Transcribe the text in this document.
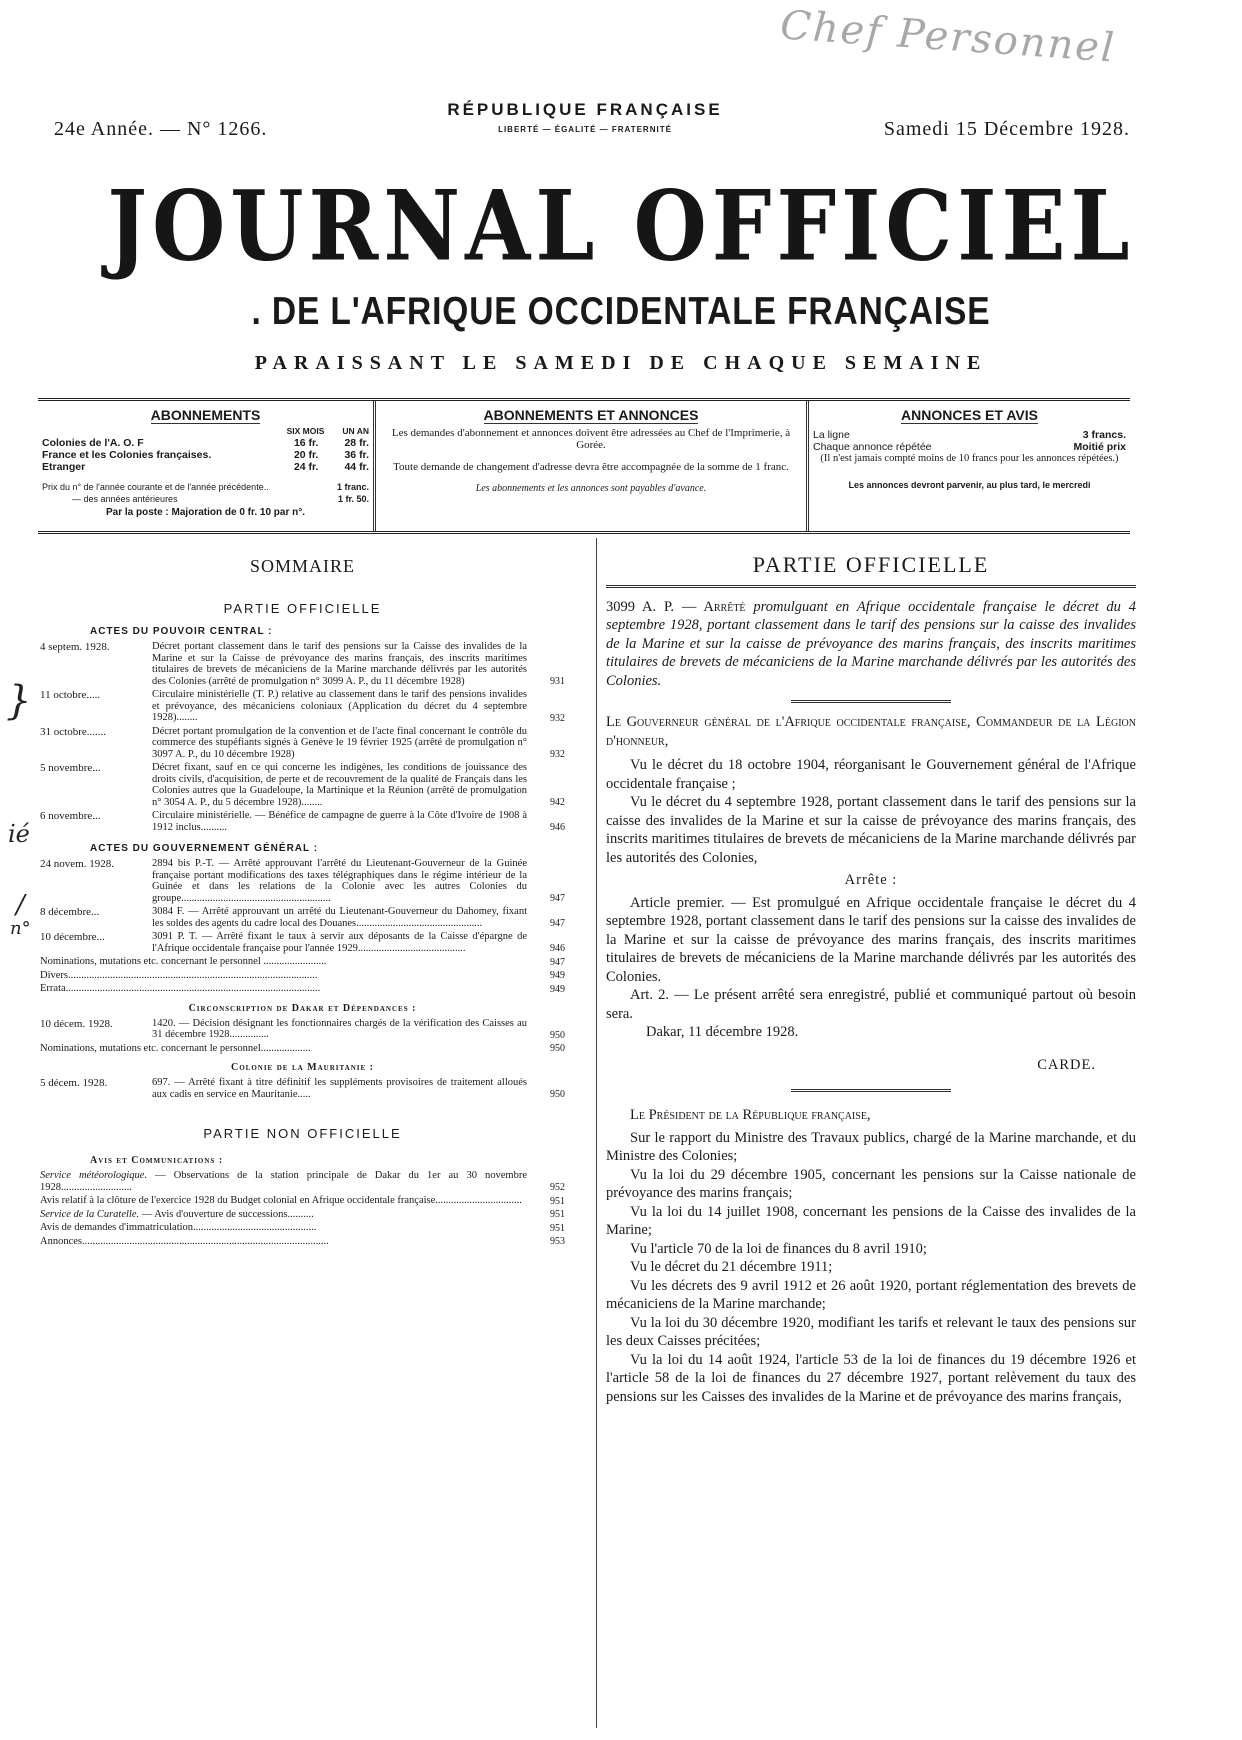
Chef Personnel
}
ié
/
n°
24e Année. — N° 1266.
RÉPUBLIQUE FRANÇAISE
LIBERTÉ — ÉGALITÉ — FRATERNITÉ	Samedi 15 Décembre 1928.
JOURNAL OFFICIEL
. DE L'AFRIQUE OCCIDENTALE FRANÇAISE
PARAISSANT LE SAMEDI DE CHAQUE SEMAINE
ABONNEMENTS
SIX MOIS UN AN
Colonies de l'A. O. F	16 fr. 28 fr.
France et les Colonies françaises.	20 fr. 36 fr.
Etranger	24 fr. 44 fr.
Prix du n° de l'année courante et de l'année précédente..	1 franc.
— des années antérieures	1 fr. 50.
Par la poste : Majoration de 0 fr. 10 par n°.
ABONNEMENTS ET ANNONCES
Les demandes d'abonnement et annonces doivent être adressées au Chef de l'Imprimerie, à Gorée.
Toute demande de changement d'adresse devra être accompagnée de la somme de 1 franc.
Les abonnements et les annonces sont payables d'avance.
ANNONCES ET AVIS
La ligne	3 francs.
Chaque annonce répétée	Moitié prix
(Il n'est jamais compté moins de 10 francs pour les annonces répétées.)
Les annonces devront parvenir, au plus tard, le mercredi
SOMMAIRE
PARTIE OFFICIELLE
ACTES DU POUVOIR CENTRAL :
4 septem. 1928.	Décret portant classement dans le tarif des pensions sur la Caisse des invalides de la Marine et sur la Caisse de prévoyance des marins français, des inscrits maritimes titulaires de brevets de mécaniciens de la Marine marchande délivrés par les autorités des Colonies (arrêté de promulgation n° 3099 A. P., du 11 décembre 1928)	931
11 octobre.....	Circulaire ministérielle (T. P.) relative au classement dans le tarif des pensions invalides et prévoyance, des mécaniciens coloniaux (Application du décret du 4 septembre 1928)........	932
31 octobre.......	Décret portant promulgation de la convention et de l'acte final concernant le contrôle du commerce des stupéfiants signés à Genève le 19 février 1925 (arrêté de promulgation n° 3097 A. P., du 10 décembre 1928)	932
5 novembre...	Décret fixant, sauf en ce qui concerne les indigènes, les conditions de jouissance des droits civils, d'acquisition, de perte et de recouvrement de la qualité de Français dans les Colonies autres que la Guadeloupe, la Martinique et la Réunion (arrêté de promulgation n° 3054 A. P., du 5 décembre 1928)........	942
6 novembre...	Circulaire ministérielle. — Bénéfice de campagne de guerre à la Côte d'Ivoire de 1908 à 1912 inclus..........	946
ACTES DU GOUVERNEMENT GÉNÉRAL :
24 novem. 1928.	2894 bis P.-T. — Arrêté approuvant l'arrêté du Lieutenant-Gouverneur de la Guinée française portant modifications des taxes télégraphiques dans le régime intérieur de la Guinée et dans les relations de la Colonie avec les autres Colonies du groupe.........................................................	947
8 décembre...	3084 F. — Arrêté approuvant un arrêté du Lieutenant-Gouverneur du Dahomey, fixant les soldes des agents du cadre local des Douanes................................................	947
10 décembre...	3091 P. T. — Arrêté fixant le taux à servir aux déposants de la Caisse d'épargne de l'Afrique occidentale française pour l'année 1929.........................................	946
Nominations, mutations etc. concernant le personnel ........................	947
Divers...............................................................................................	949
Errata.................................................................................................	949
Circonscription de Dakar et Dépendances :
10 décem. 1928.	1420. — Décision désignant les fonctionnaires chargés de la vérification des Caisses au 31 décembre 1928...............	950
Nominations, mutations etc. concernant le personnel...................	950
Colonie de la Mauritanie :
5 décem. 1928.	697. — Arrêté fixant à titre définitif les suppléments provisoires de traitement alloués aux cadis en service en Mauritanie.....	950
PARTIE NON OFFICIELLE
Avis et Communications :
Service météorologique. — Observations de la station principale de Dakar du 1er au 30 novembre 1928...........................	952
Avis relatif à la clôture de l'exercice 1928 du Budget colonial en Afrique occidentale française.................................	951
Service de la Curatelle. — Avis d'ouverture de successions..........	951
Avis de demandes d'immatriculation...............................................	951
Annonces..............................................................................................	953
PARTIE OFFICIELLE

3099 A. P. — Arrêté promulguant en Afrique occidentale française le décret du 4 septembre 1928, portant classement dans le tarif des pensions sur la caisse des invalides de la Marine et sur la caisse de prévoyance des marins français, des inscrits maritimes titulaires de brevets de mécaniciens de la Marine marchande délivrés par les autorités des Colonies.

Le Gouverneur général de l'Afrique occidentale française, Commandeur de la Légion d'honneur,

Vu le décret du 18 octobre 1904, réorganisant le Gouvernement général de l'Afrique occidentale française ;

Vu le décret du 4 septembre 1928, portant classement dans le tarif des pensions sur la caisse des invalides de la Marine et sur la caisse de prévoyance des marins français, des inscrits maritimes titulaires de brevets de mécaniciens de la Marine marchande délivrés par les autorités des Colonies,

Arrête :

Article premier. — Est promulgué en Afrique occidentale française le décret du 4 septembre 1928, portant classement dans le tarif des pensions sur la caisse des invalides de la Marine et sur la caisse de prévoyance des marins français, des inscrits maritimes titulaires de brevets de mécaniciens de la Marine marchande délivrés par les autorités des Colonies.

Art. 2. — Le présent arrêté sera enregistré, publié et communiqué partout où besoin sera.

Dakar, 11 décembre 1928.

CARDE.

Le Président de la République française,

Sur le rapport du Ministre des Travaux publics, chargé de la Marine marchande, et du Ministre des Colonies;

Vu la loi du 29 décembre 1905, concernant les pensions sur la Caisse nationale de prévoyance des marins français;

Vu la loi du 14 juillet 1908, concernant les pensions de la Caisse des invalides de la Marine;

Vu l'article 70 de la loi de finances du 8 avril 1910;

Vu le décret du 21 décembre 1911;

Vu les décrets des 9 avril 1912 et 26 août 1920, portant réglementation des brevets de mécaniciens de la Marine marchande;

Vu la loi du 30 décembre 1920, modifiant les tarifs et relevant le taux des pensions sur les deux Caisses précitées;

Vu la loi du 14 août 1924, l'article 53 de la loi de finances du 19 décembre 1926 et l'article 58 de la loi de finances du 27 décembre 1927, portant relèvement du taux des pensions sur les Caisses des invalides de la Marine et de prévoyance des marins français,
